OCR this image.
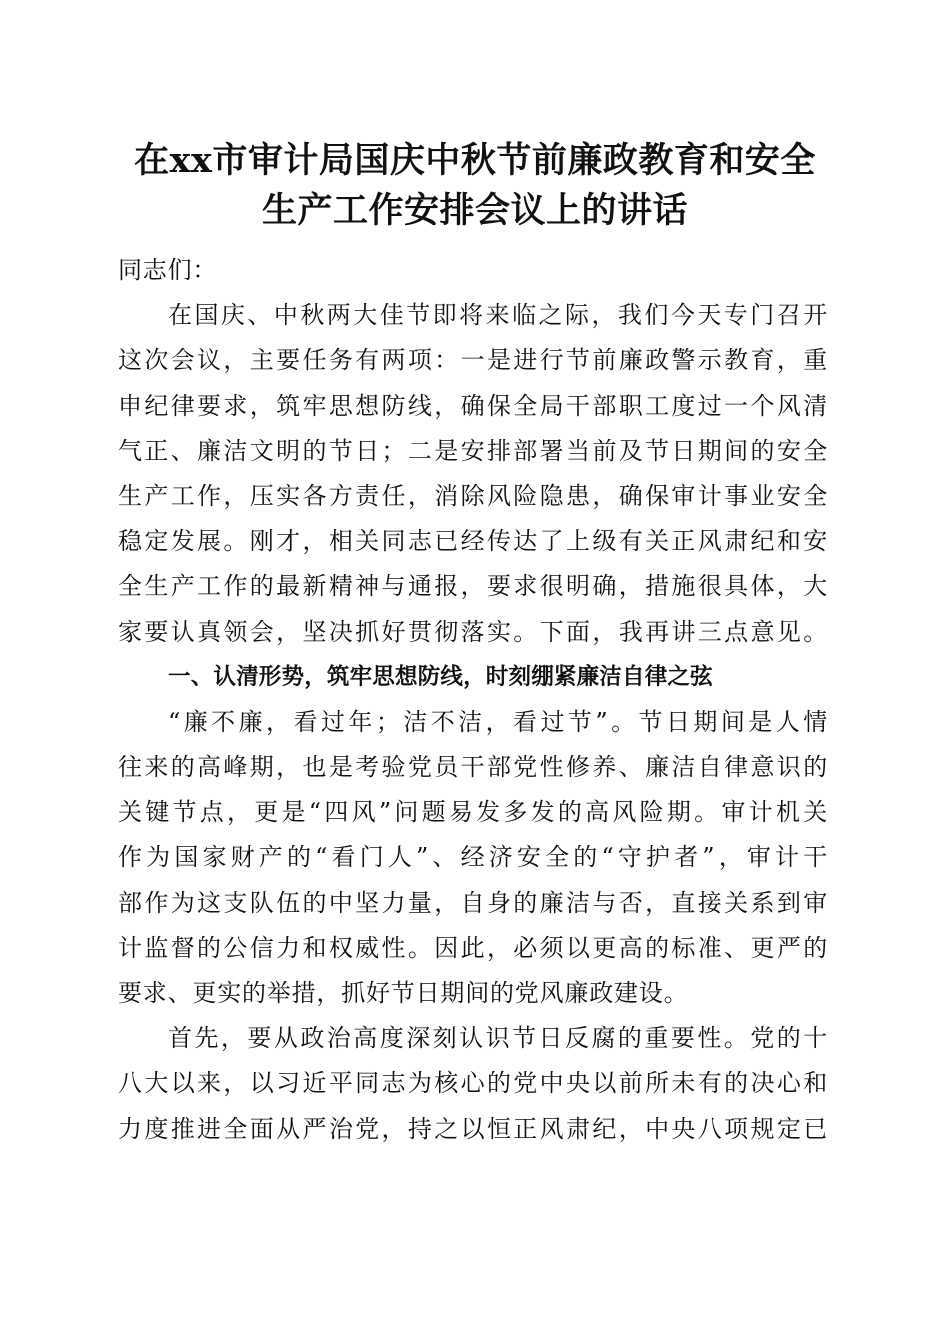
在xx市审计局国庆中秋节前廉政教育和安全
生产工作安排会议上的讲话
同志们：
在国庆、中秋两大佳节即将来临之际，我们今天专门召开
这次会议，主要任务有两项：一是进行节前廉政警示教育，重
申纪律要求，筑牢思想防线，确保全局干部职工度过一个风清
气正、廉洁文明的节日；二是安排部署当前及节日期间的安全
生产工作，压实各方责任，消除风险隐患，确保审计事业安全
稳定发展。刚才，相关同志已经传达了上级有关正风肃纪和安
全生产工作的最新精神与通报，要求很明确，措施很具体，大
家要认真领会，坚决抓好贯彻落实。下面，我再讲三点意见。
一、认清形势，筑牢思想防线，时刻绷紧廉洁自律之弦
“廉不廉，看过年；洁不洁，看过节”。节日期间是人情
往来的高峰期，也是考验党员干部党性修养、廉洁自律意识的
关键节点，更是“四风”问题易发多发的高风险期。审计机关
作为国家财产的“看门人”、经济安全的“守护者”，审计干
部作为这支队伍的中坚力量，自身的廉洁与否，直接关系到审
计监督的公信力和权威性。因此，必须以更高的标准、更严的
要求、更实的举措，抓好节日期间的党风廉政建设。
首先，要从政治高度深刻认识节日反腐的重要性。党的十
八大以来，以习近平同志为核心的党中央以前所未有的决心和
力度推进全面从严治党，持之以恒正风肃纪，中央八项规定已
